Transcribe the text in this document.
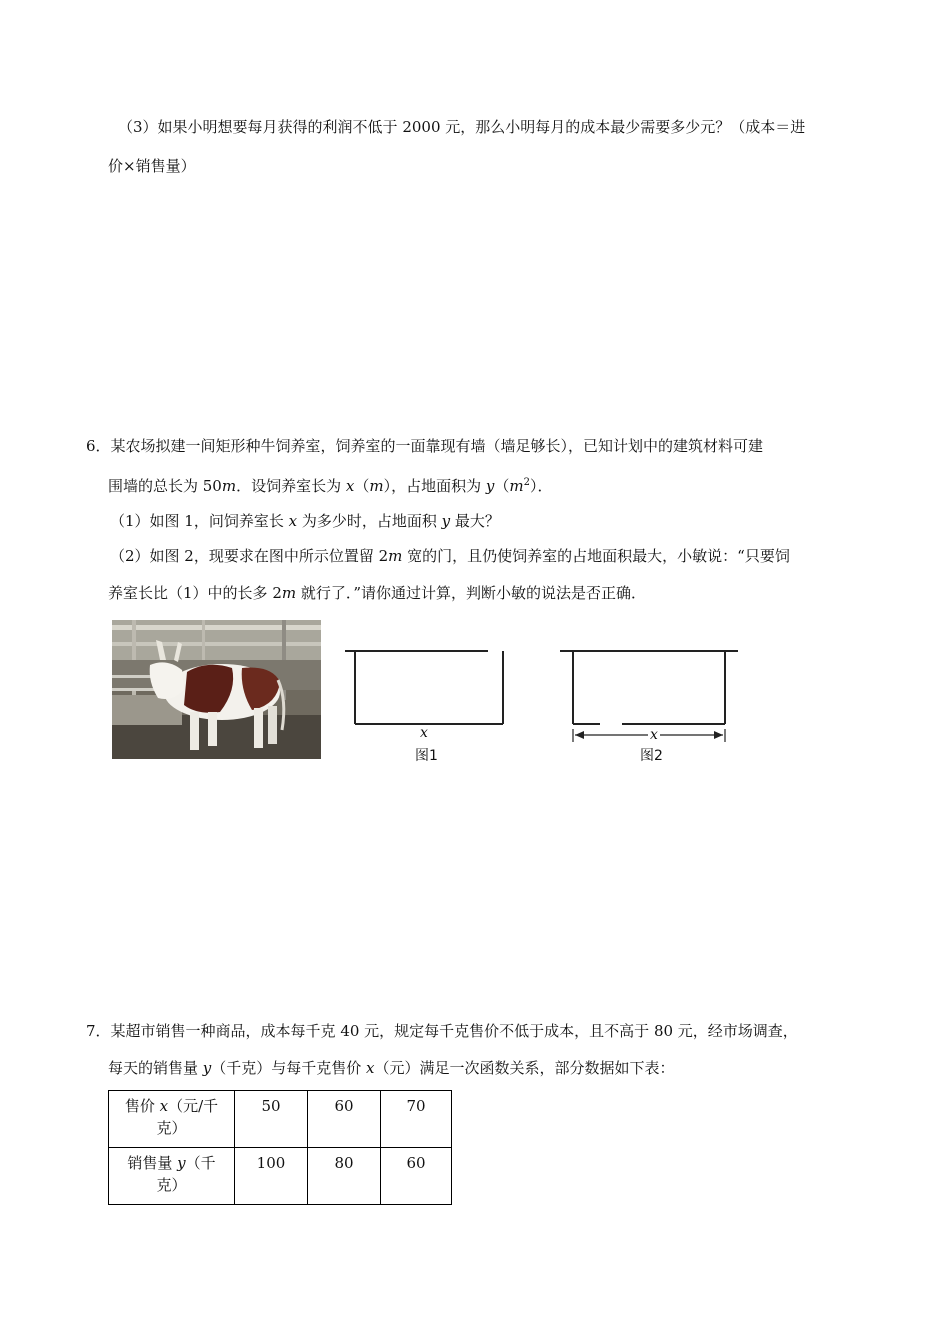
（3）如果小明想要每月获得的利润不低于 2000 元，那么小明每月的成本最少需要多少元？（成本＝进
价×销售量）
6．某农场拟建一间矩形种牛饲养室，饲养室的一面靠现有墙（墙足够长），已知计划中的建筑材料可建
围墙的总长为 50m．设饲养室长为 x（m），占地面积为 $y(m^2)$．
（1）如图 1，问饲养室长 x 为多少时，占地面积 y 最大？
（2）如图 2，现要求在图中所示位置留 2m 宽的门，且仍使饲养室的占地面积最大，小敏说：“只要饲
养室长比（1）中的长多 2m 就行了．”请你通过计算，判断小敏的说法是否正确．
x
图1
x
图2
7．某超市销售一种商品，成本每千克 40 元，规定每千克售价不低于成本，且不高于 80 元，经市场调查，
每天的销售量 y（千克）与每千克售价 x（元）满足一次函数关系，部分数据如下表：
售价 x（元/千
克）	50	60	70
销售量 y（千
克）	100	80	60
